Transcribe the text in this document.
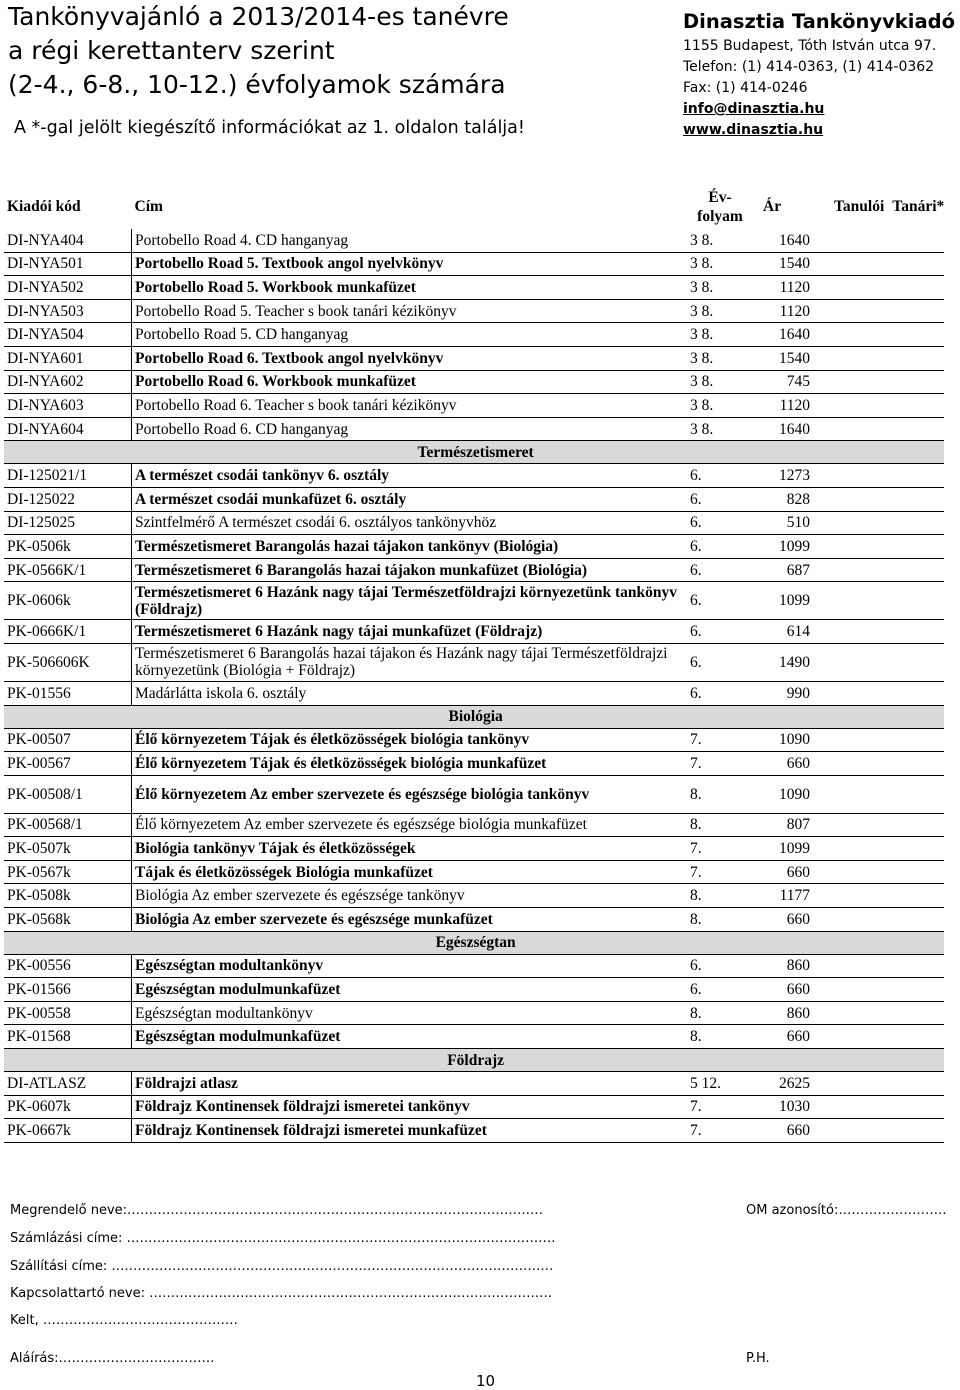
Tankönyvajánló a 2013/2014-es tanévre
a régi kerettanterv szerint
(2-4., 6-8., 10-12.) évfolyamok számára
A *-gal jelölt kiegészítő információkat az 1. oldalon találja!
Dinasztia Tankönyvkiadó
1155 Budapest, Tóth István utca 97.
Telefon: (1) 414-0363, (1) 414-0362
Fax: (1) 414-0246
info@dinasztia.hu
www.dinasztia.hu
Kiadói kód	Cím	Év-
folyam	Ár	Tanulói	Tanári*
DI-NYA404	Portobello Road 4. CD hanganyag	3 8.	1640		
DI-NYA501	Portobello Road 5. Textbook angol nyelvkönyv	3 8.	1540		
DI-NYA502	Portobello Road 5. Workbook munkafüzet	3 8.	1120		
DI-NYA503	Portobello Road 5. Teacher s book tanári kézikönyv	3 8.	1120		
DI-NYA504	Portobello Road 5. CD hanganyag	3 8.	1640		
DI-NYA601	Portobello Road 6. Textbook angol nyelvkönyv	3 8.	1540		
DI-NYA602	Portobello Road 6. Workbook munkafüzet	3 8.	745		
DI-NYA603	Portobello Road 6. Teacher s book tanári kézikönyv	3 8.	1120		
DI-NYA604	Portobello Road 6. CD hanganyag	3 8.	1640		
Természetismeret					
DI-125021/1	A természet csodái tankönyv 6. osztály	6.	1273		
DI-125022	A természet csodái munkafüzet 6. osztály	6.	828		
DI-125025	Szintfelmérő A természet csodái 6. osztályos tankönyvhöz	6.	510		
PK-0506k	Természetismeret Barangolás hazai tájakon tankönyv (Biológia)	6.	1099		
PK-0566K/1	Természetismeret 6 Barangolás hazai tájakon munkafüzet (Biológia)	6.	687		
PK-0606k	Természetismeret 6 Hazánk nagy tájai Természetföldrajzi környezetünk tankönyv (Földrajz)	6.	1099		
PK-0666K/1	Természetismeret 6 Hazánk nagy tájai munkafüzet (Földrajz)	6.	614		
PK-506606K	Természetismeret 6 Barangolás hazai tájakon és Hazánk nagy tájai Természetföldrajzi környezetünk (Biológia + Földrajz)	6.	1490		
PK-01556	Madárlátta iskola 6. osztály	6.	990		
Biológia					
PK-00507	Élő környezetem Tájak és életközösségek biológia tankönyv	7.	1090		
PK-00567	Élő környezetem Tájak és életközösségek biológia munkafüzet	7.	660		
PK-00508/1	Élő környezetem Az ember szervezete és egészsége biológia tankönyv	8.	1090		
PK-00568/1	Élő környezetem Az ember szervezete és egészsége biológia munkafüzet	8.	807		
PK-0507k	Biológia tankönyv Tájak és életközösségek	7.	1099		
PK-0567k	Tájak és életközösségek Biológia munkafüzet	7.	660		
PK-0508k	Biológia Az ember szervezete és egészsége tankönyv	8.	1177		
PK-0568k	Biológia Az ember szervezete és egészsége munkafüzet	8.	660		
Egészségtan					
PK-00556	Egészségtan modultankönyv	6.	860		
PK-01566	Egészségtan modulmunkafüzet	6.	660		
PK-00558	Egészségtan modultankönyv	8.	860		
PK-01568	Egészségtan modulmunkafüzet	8.	660		
Földrajz					
DI-ATLASZ	Földrajzi atlasz	5 12.	2625		
PK-0607k	Földrajz Kontinensek földrajzi ismeretei tankönyv	7.	1030		
PK-0667k	Földrajz Kontinensek földrajzi ismeretei munkafüzet	7.	660		
Megrendelő neve:……………………………………………………………………………………	OM azonosító:…………………….
Számlázási címe: ………………………………………………………………………………………
Szállítási címe: …………………………………………………………………………………………
Kapcsolattartó neve: …………………………………………………………………………………
Kelt, ………………………………………
Aláírás:………………………………	P.H.
10
